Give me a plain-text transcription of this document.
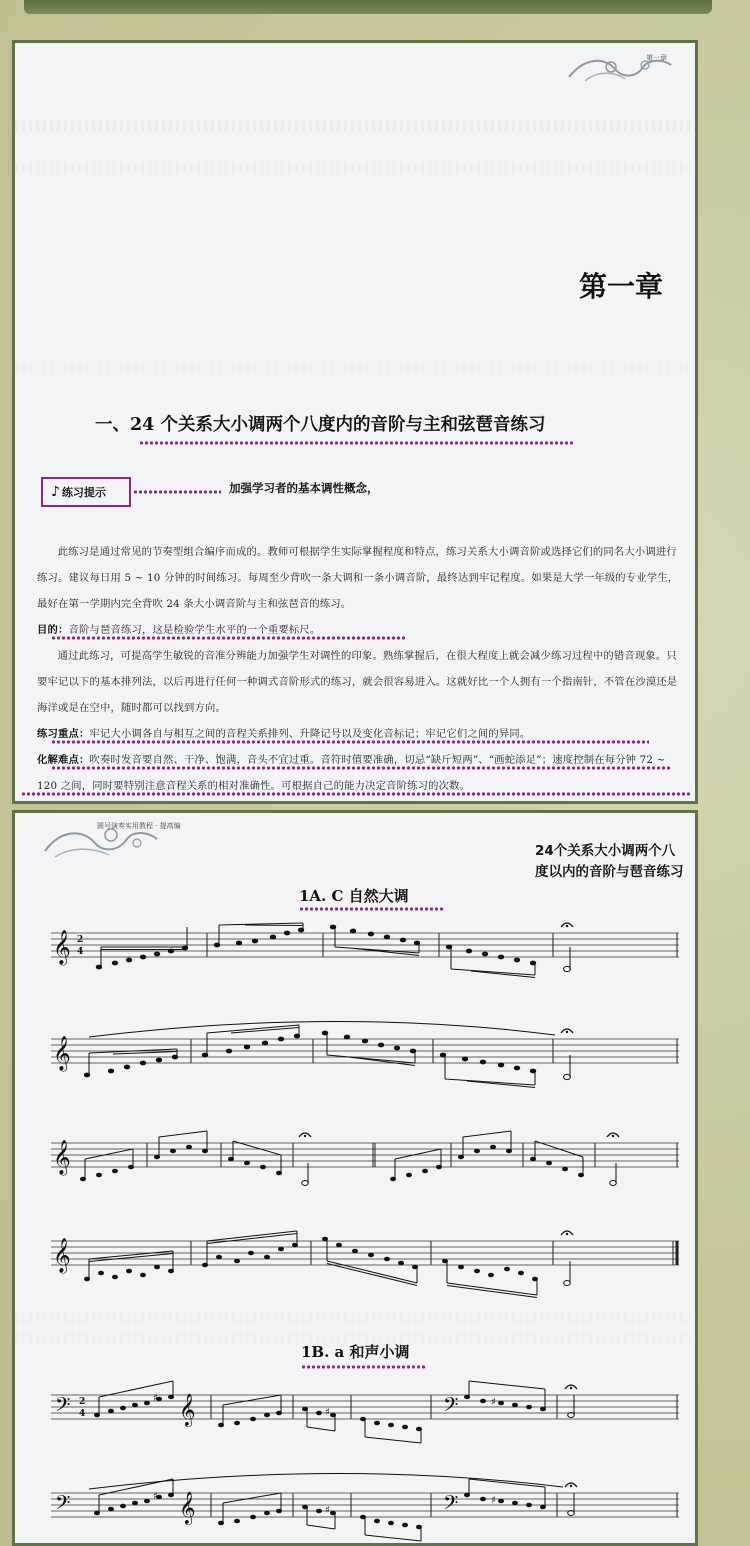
第一章
第一章
一、24 个关系大小调两个八度内的音阶与主和弦琶音练习
♪ 练习提示	加强学习者的基本调性概念，
此练习是通过常见的节奏型组合编序而成的。教师可根据学生实际掌握程度和特点，练习关系大小调音阶或选择它们的同名大小调进行练习。建议每日用 5 ~ 10 分钟的时间练习。每周至少背吹一条大调和一条小调音阶，最终达到牢记程度。如果是大学一年级的专业学生，最好在第一学期内完全背吹 24 条大小调音阶与主和弦琶音的练习。
目的：音阶与琶音练习，这是检验学生水平的一个重要标尺。
通过此练习，可提高学生敏锐的音准分辨能力加强学生对调性的印象。熟练掌握后，在很大程度上就会减少练习过程中的错音现象。只要牢记以下的基本排列法，以后再进行任何一种调式音阶形式的练习，就会很容易进入。这就好比一个人拥有一个指南针，不管在沙漠还是海洋或是在空中，随时都可以找到方向。
练习重点：牢记大小调各自与相互之间的音程关系排列、升降记号以及变化音标记；牢记它们之间的异同。
化解难点：吹奏时发音要自然、干净、饱满，音头不宜过重。音符时值要准确，切忌“缺斤短两”、“画蛇添足”；速度控制在每分钟 72 ~ 120 之间，同时要特别注意音程关系的相对准确性。可根据自己的能力决定音阶练习的次数。
圆号演奏实用教程 · 提高编
24个关系大小调两个八度以内的音阶与琶音练习
1A. C 自然大调
𝄞 2
4
𝄞
𝄞
𝄞
1B. a 和声小调
𝄢 2
4	𝄞	𝄢
♯
♯
♯
𝄢	𝄞	𝄢
♯
♯
♯
